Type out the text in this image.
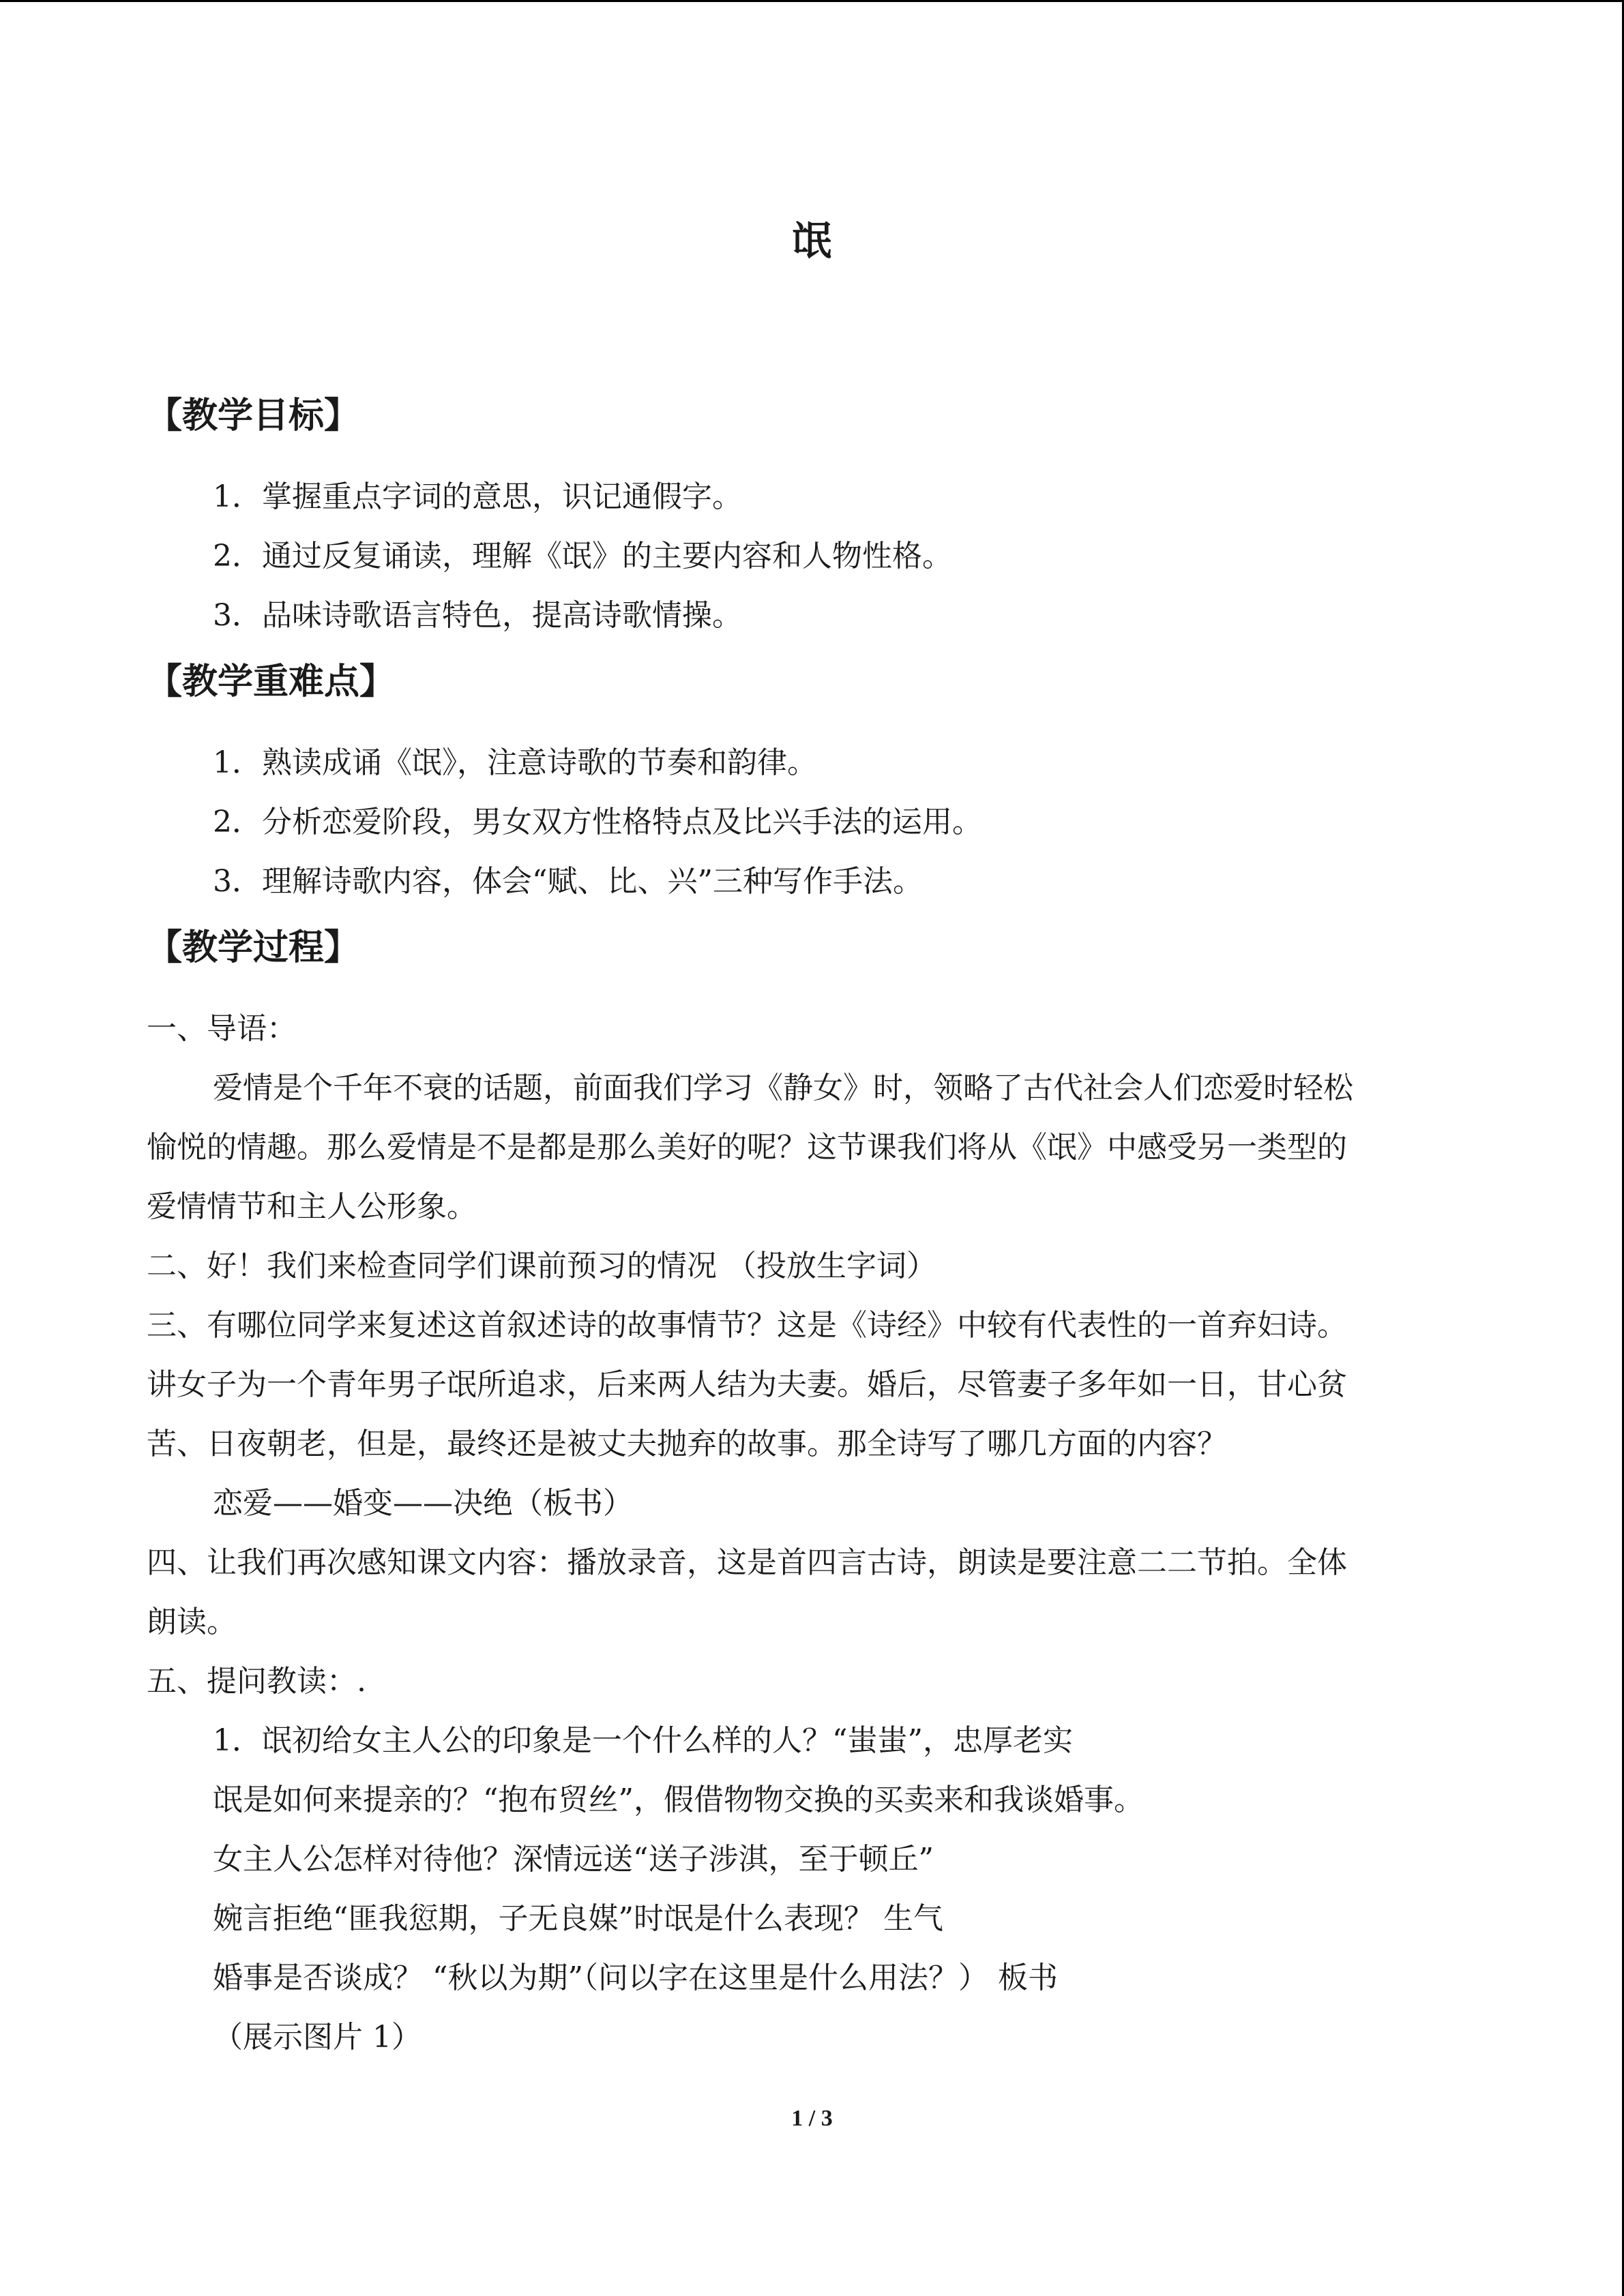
氓
【教学目标】
1．掌握重点字词的意思，识记通假字。
2．通过反复诵读，理解《氓》的主要内容和人物性格。
3．品味诗歌语言特色，提高诗歌情操。
【教学重难点】
1．熟读成诵《氓》，注意诗歌的节奏和韵律。
2．分析恋爱阶段，男女双方性格特点及比兴手法的运用。
3．理解诗歌内容，体会“赋、比、兴”三种写作手法。
【教学过程】
一、导语：
爱情是个千年不衰的话题，前面我们学习《静女》时，领略了古代社会人们恋爱时轻松
愉悦的情趣。那么爱情是不是都是那么美好的呢？这节课我们将从《氓》中感受另一类型的
爱情情节和主人公形象。
二、好！我们来检查同学们课前预习的情况 （投放生字词）
三、有哪位同学来复述这首叙述诗的故事情节？这是《诗经》中较有代表性的一首弃妇诗。
讲女子为一个青年男子氓所追求，后来两人结为夫妻。婚后，尽管妻子多年如一日，甘心贫
苦、日夜朝老，但是，最终还是被丈夫抛弃的故事。那全诗写了哪几方面的内容？
恋爱——婚变——决绝（板书）
四、让我们再次感知课文内容：播放录音，这是首四言古诗，朗读是要注意二二节拍。全体
朗读。
五、提问教读：.
1．氓初给女主人公的印象是一个什么样的人？“蚩蚩”，忠厚老实
氓是如何来提亲的？“抱布贸丝”，假借物物交换的买卖来和我谈婚事。
女主人公怎样对待他？深情远送“送子涉淇，至于顿丘”
婉言拒绝“匪我愆期，子无良媒”时氓是什么表现？ 生气
婚事是否谈成？ “秋以为期”（问以字在这里是什么用法？） 板书
（展示图片 1）
1 / 3
